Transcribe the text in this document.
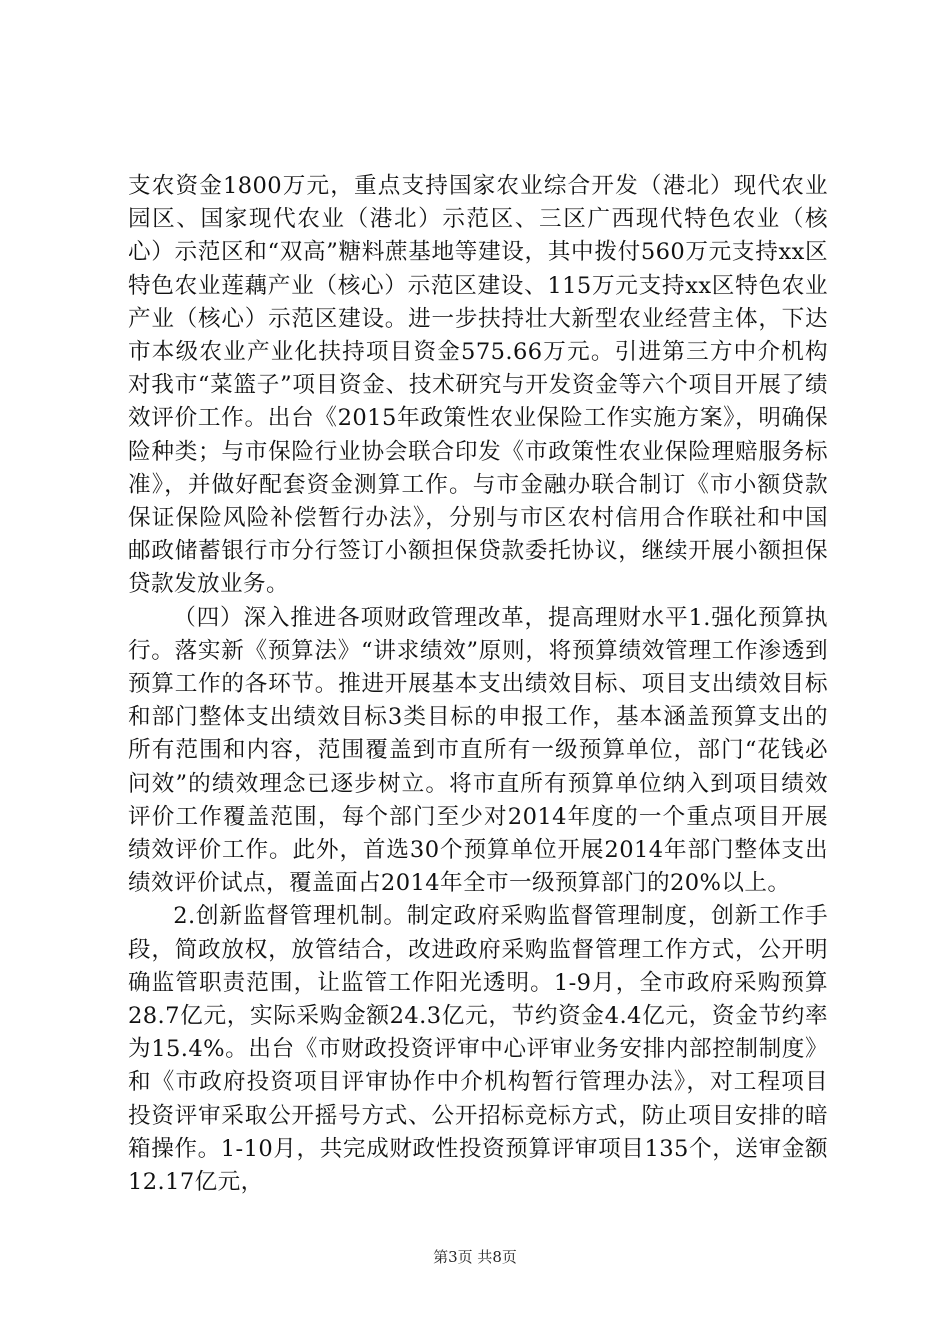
支农资金1800万元，重点支持国家农业综合开发（港北）现代农业园区、国家现代农业（港北）示范区、三区广西现代特色农业（核心）示范区和“双高”糖料蔗基地等建设，其中拨付560万元支持xx区特色农业莲藕产业（核心）示范区建设、115万元支持xx区特色农业产业（核心）示范区建设。进一步扶持壮大新型农业经营主体，下达市本级农业产业化扶持项目资金575.66万元。引进第三方中介机构对我市“菜篮子”项目资金、技术研究与开发资金等六个项目开展了绩效评价工作。出台《2015年政策性农业保险工作实施方案》，明确保险种类；与市保险行业协会联合印发《市政策性农业保险理赔服务标准》，并做好配套资金测算工作。与市金融办联合制订《市小额贷款保证保险风险补偿暂行办法》，分别与市区农村信用合作联社和中国邮政储蓄银行市分行签订小额担保贷款委托协议，继续开展小额担保贷款发放业务。

（四）深入推进各项财政管理改革，提高理财水平1.强化预算执行。落实新《预算法》“讲求绩效”原则，将预算绩效管理工作渗透到预算工作的各环节。推进开展基本支出绩效目标、项目支出绩效目标和部门整体支出绩效目标3类目标的申报工作，基本涵盖预算支出的所有范围和内容，范围覆盖到市直所有一级预算单位，部门“花钱必问效”的绩效理念已逐步树立。将市直所有预算单位纳入到项目绩效评价工作覆盖范围，每个部门至少对2014年度的一个重点项目开展绩效评价工作。此外，首选30个预算单位开展2014年部门整体支出绩效评价试点，覆盖面占2014年全市一级预算部门的20%以上。

2.创新监督管理机制。制定政府采购监督管理制度，创新工作手段，简政放权，放管结合，改进政府采购监督管理工作方式，公开明确监管职责范围，让监管工作阳光透明。1-9月，全市政府采购预算28.7亿元，实际采购金额24.3亿元，节约资金4.4亿元，资金节约率为15.4%。出台《市财政投资评审中心评审业务安排内部控制制度》和《市政府投资项目评审协作中介机构暂行管理办法》，对工程项目投资评审采取公开摇号方式、公开招标竞标方式，防止项目安排的暗箱操作。1-10月，共完成财政性投资预算评审项目135个，送审金额12.17亿元，

第3页 共8页
